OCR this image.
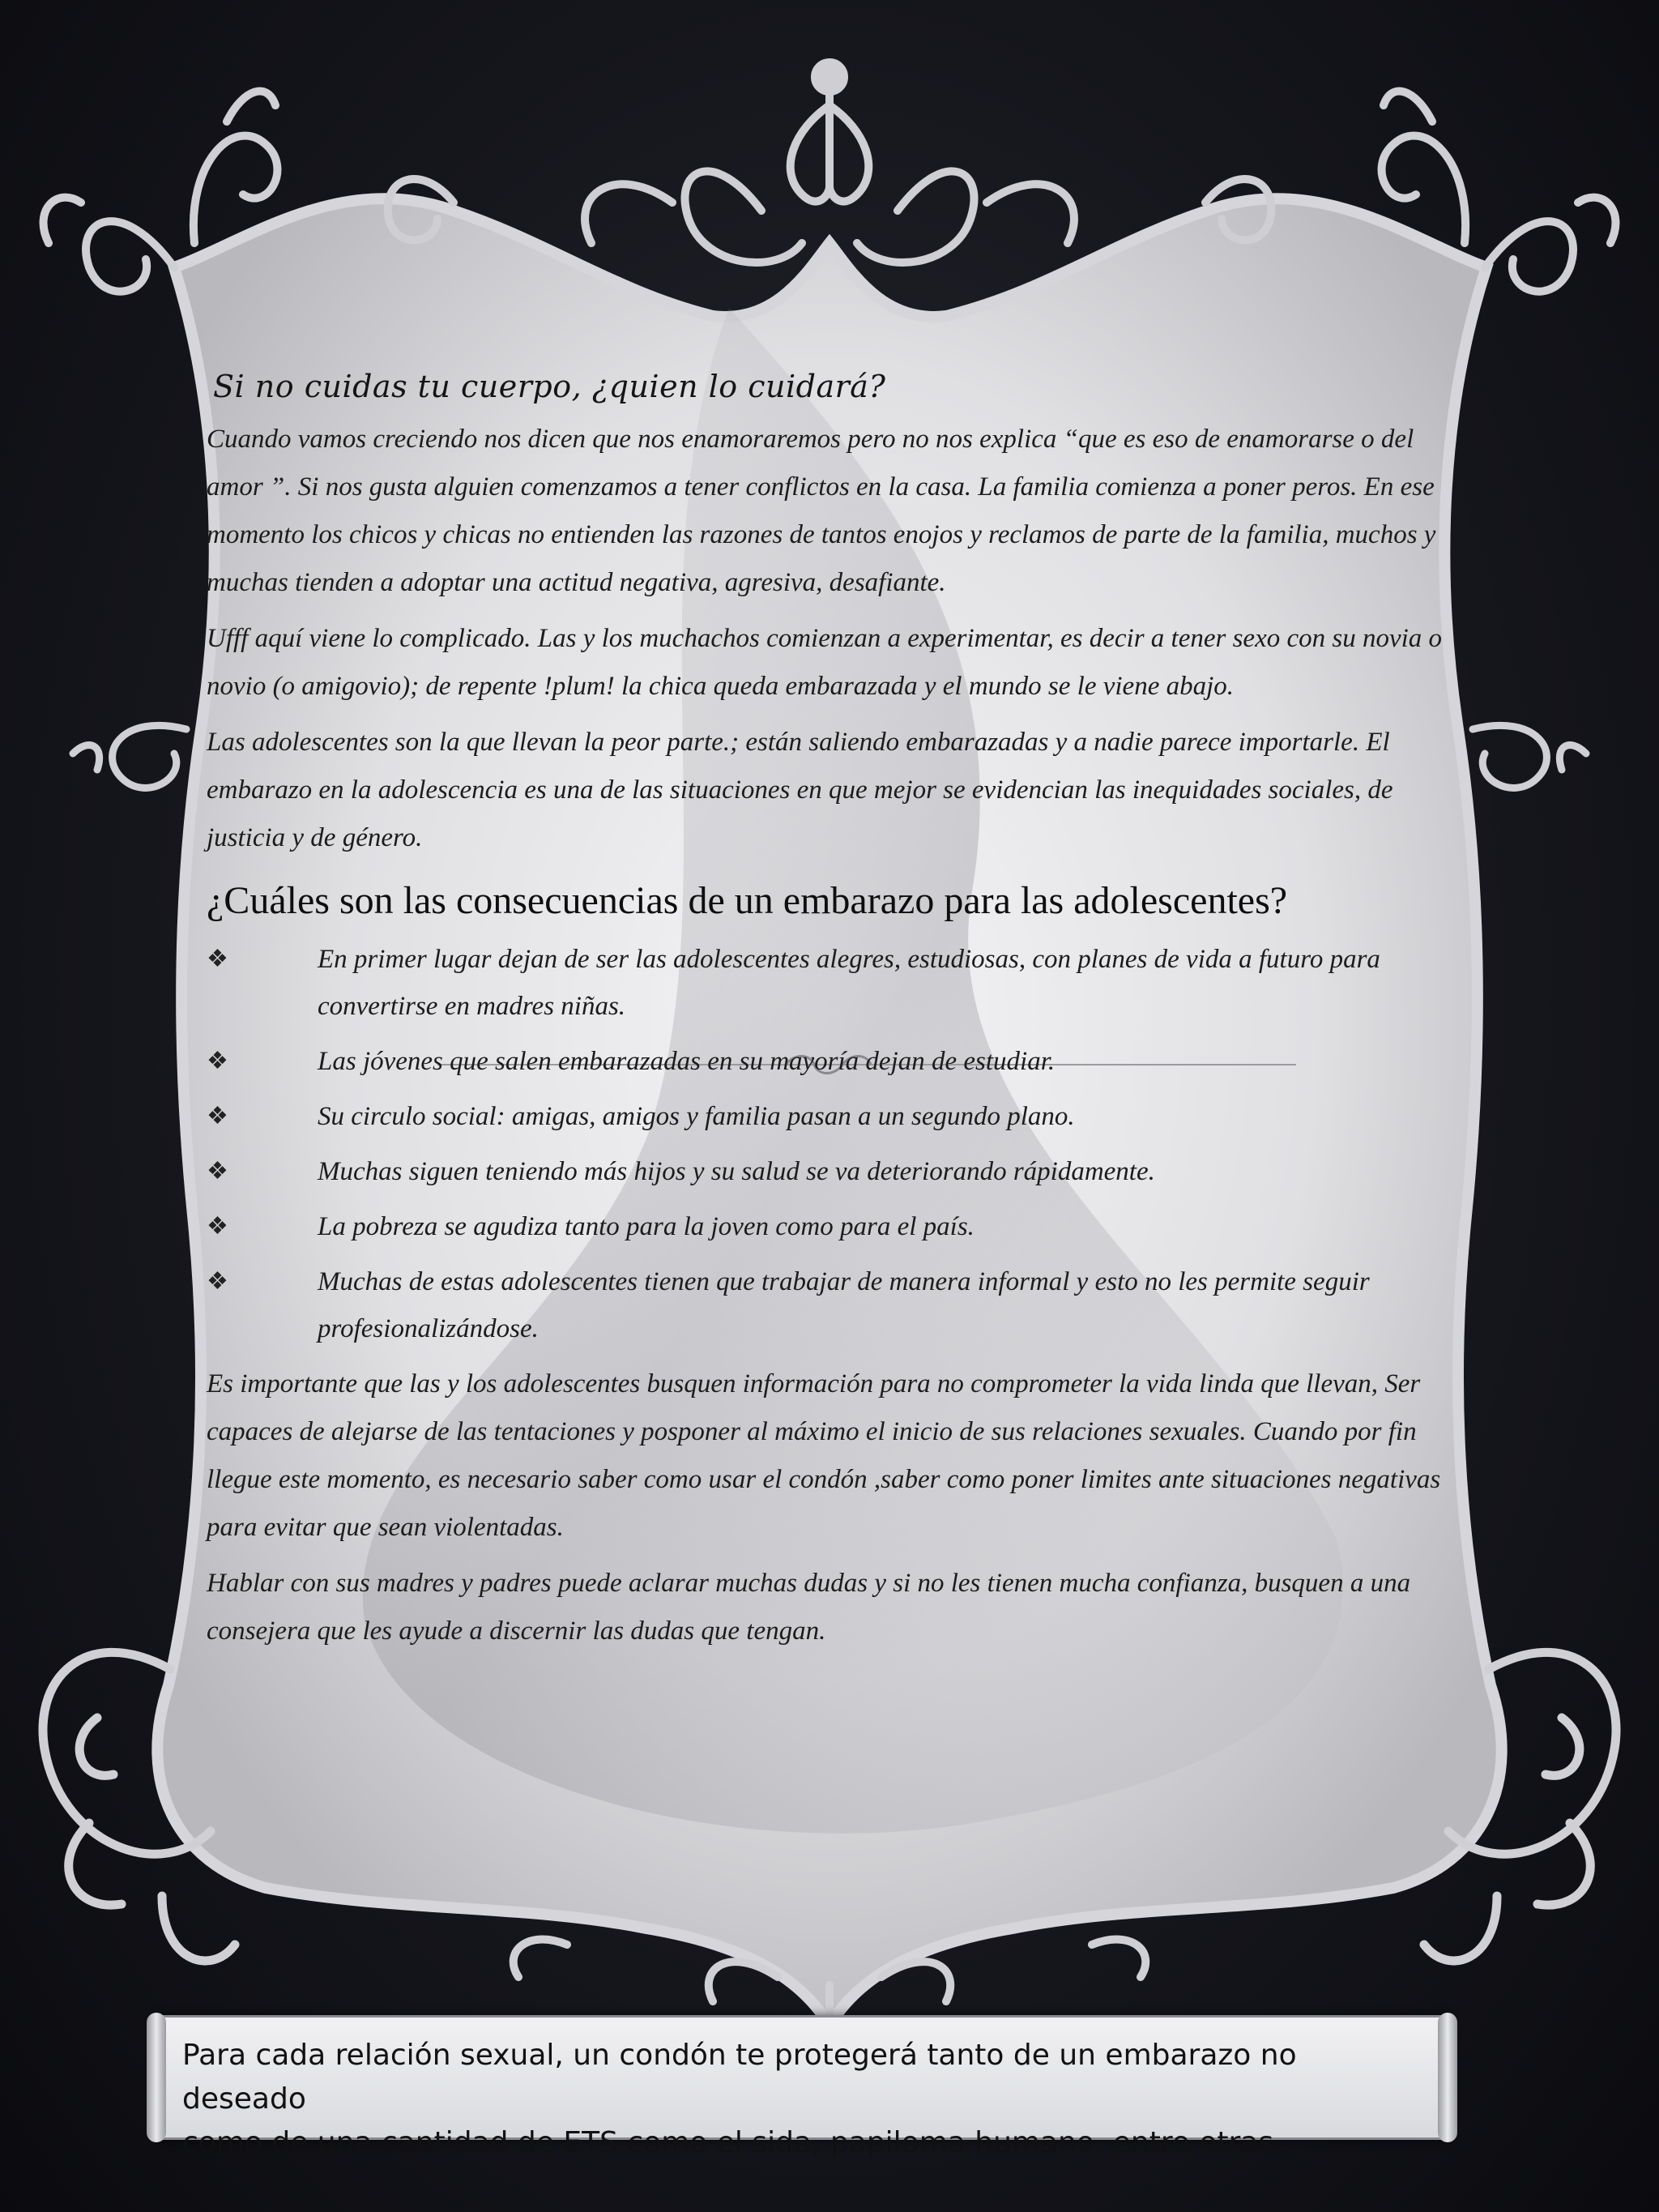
Si no cuidas tu cuerpo, ¿quien lo cuidará?

Cuando vamos creciendo nos dicen que nos enamoraremos pero no nos explica “que es eso de enamorarse o del amor ”. Si nos gusta alguien comenzamos a tener conflictos en la casa. La familia comienza a poner peros. En ese momento los chicos y chicas no entienden las razones de tantos enojos y reclamos de parte de la familia, muchos y muchas tienden a adoptar una actitud negativa, agresiva, desafiante.

Ufff aquí viene lo complicado. Las y los muchachos comienzan a experimentar, es decir a tener sexo con su novia o novio (o amigovio); de repente !plum! la chica queda embarazada y el mundo se le viene abajo.

Las adolescentes son la que llevan la peor parte.; están saliendo embarazadas y a nadie parece importarle. El embarazo en la adolescencia es una de las situaciones en que mejor se evidencian las inequidades sociales, de justicia y de género.

¿Cuáles son las consecuencias de un embarazo para las adolescentes?
❖	En primer lugar dejan de ser las adolescentes alegres, estudiosas, con planes de vida a futuro para convertirse en madres niñas.
❖	Las jóvenes que salen embarazadas en su mayoría dejan de estudiar.
❖	Su circulo social: amigas, amigos y familia pasan a un segundo plano.
❖	Muchas siguen teniendo más hijos y su salud se va deteriorando rápidamente.
❖	La pobreza se agudiza tanto para la joven como para el país.
❖	Muchas de estas adolescentes tienen que trabajar de manera informal y esto no les permite seguir profesionalizándose.

Es importante que las y los adolescentes busquen información para no comprometer la vida linda que llevan, Ser capaces de alejarse de las tentaciones y posponer al máximo el inicio de sus relaciones sexuales. Cuando por fin llegue este momento, es necesario saber como usar el condón ,saber como poner limites ante situaciones negativas para evitar que sean violentadas.

Hablar con sus madres y padres puede aclarar muchas dudas y si no les tienen mucha confianza, busquen a una consejera que les ayude a discernir las dudas que tengan.

Para cada relación sexual, un condón te protegerá tanto de un embarazo no deseado
como de una cantidad de ETS como el sida, papiloma humano, entro otras
